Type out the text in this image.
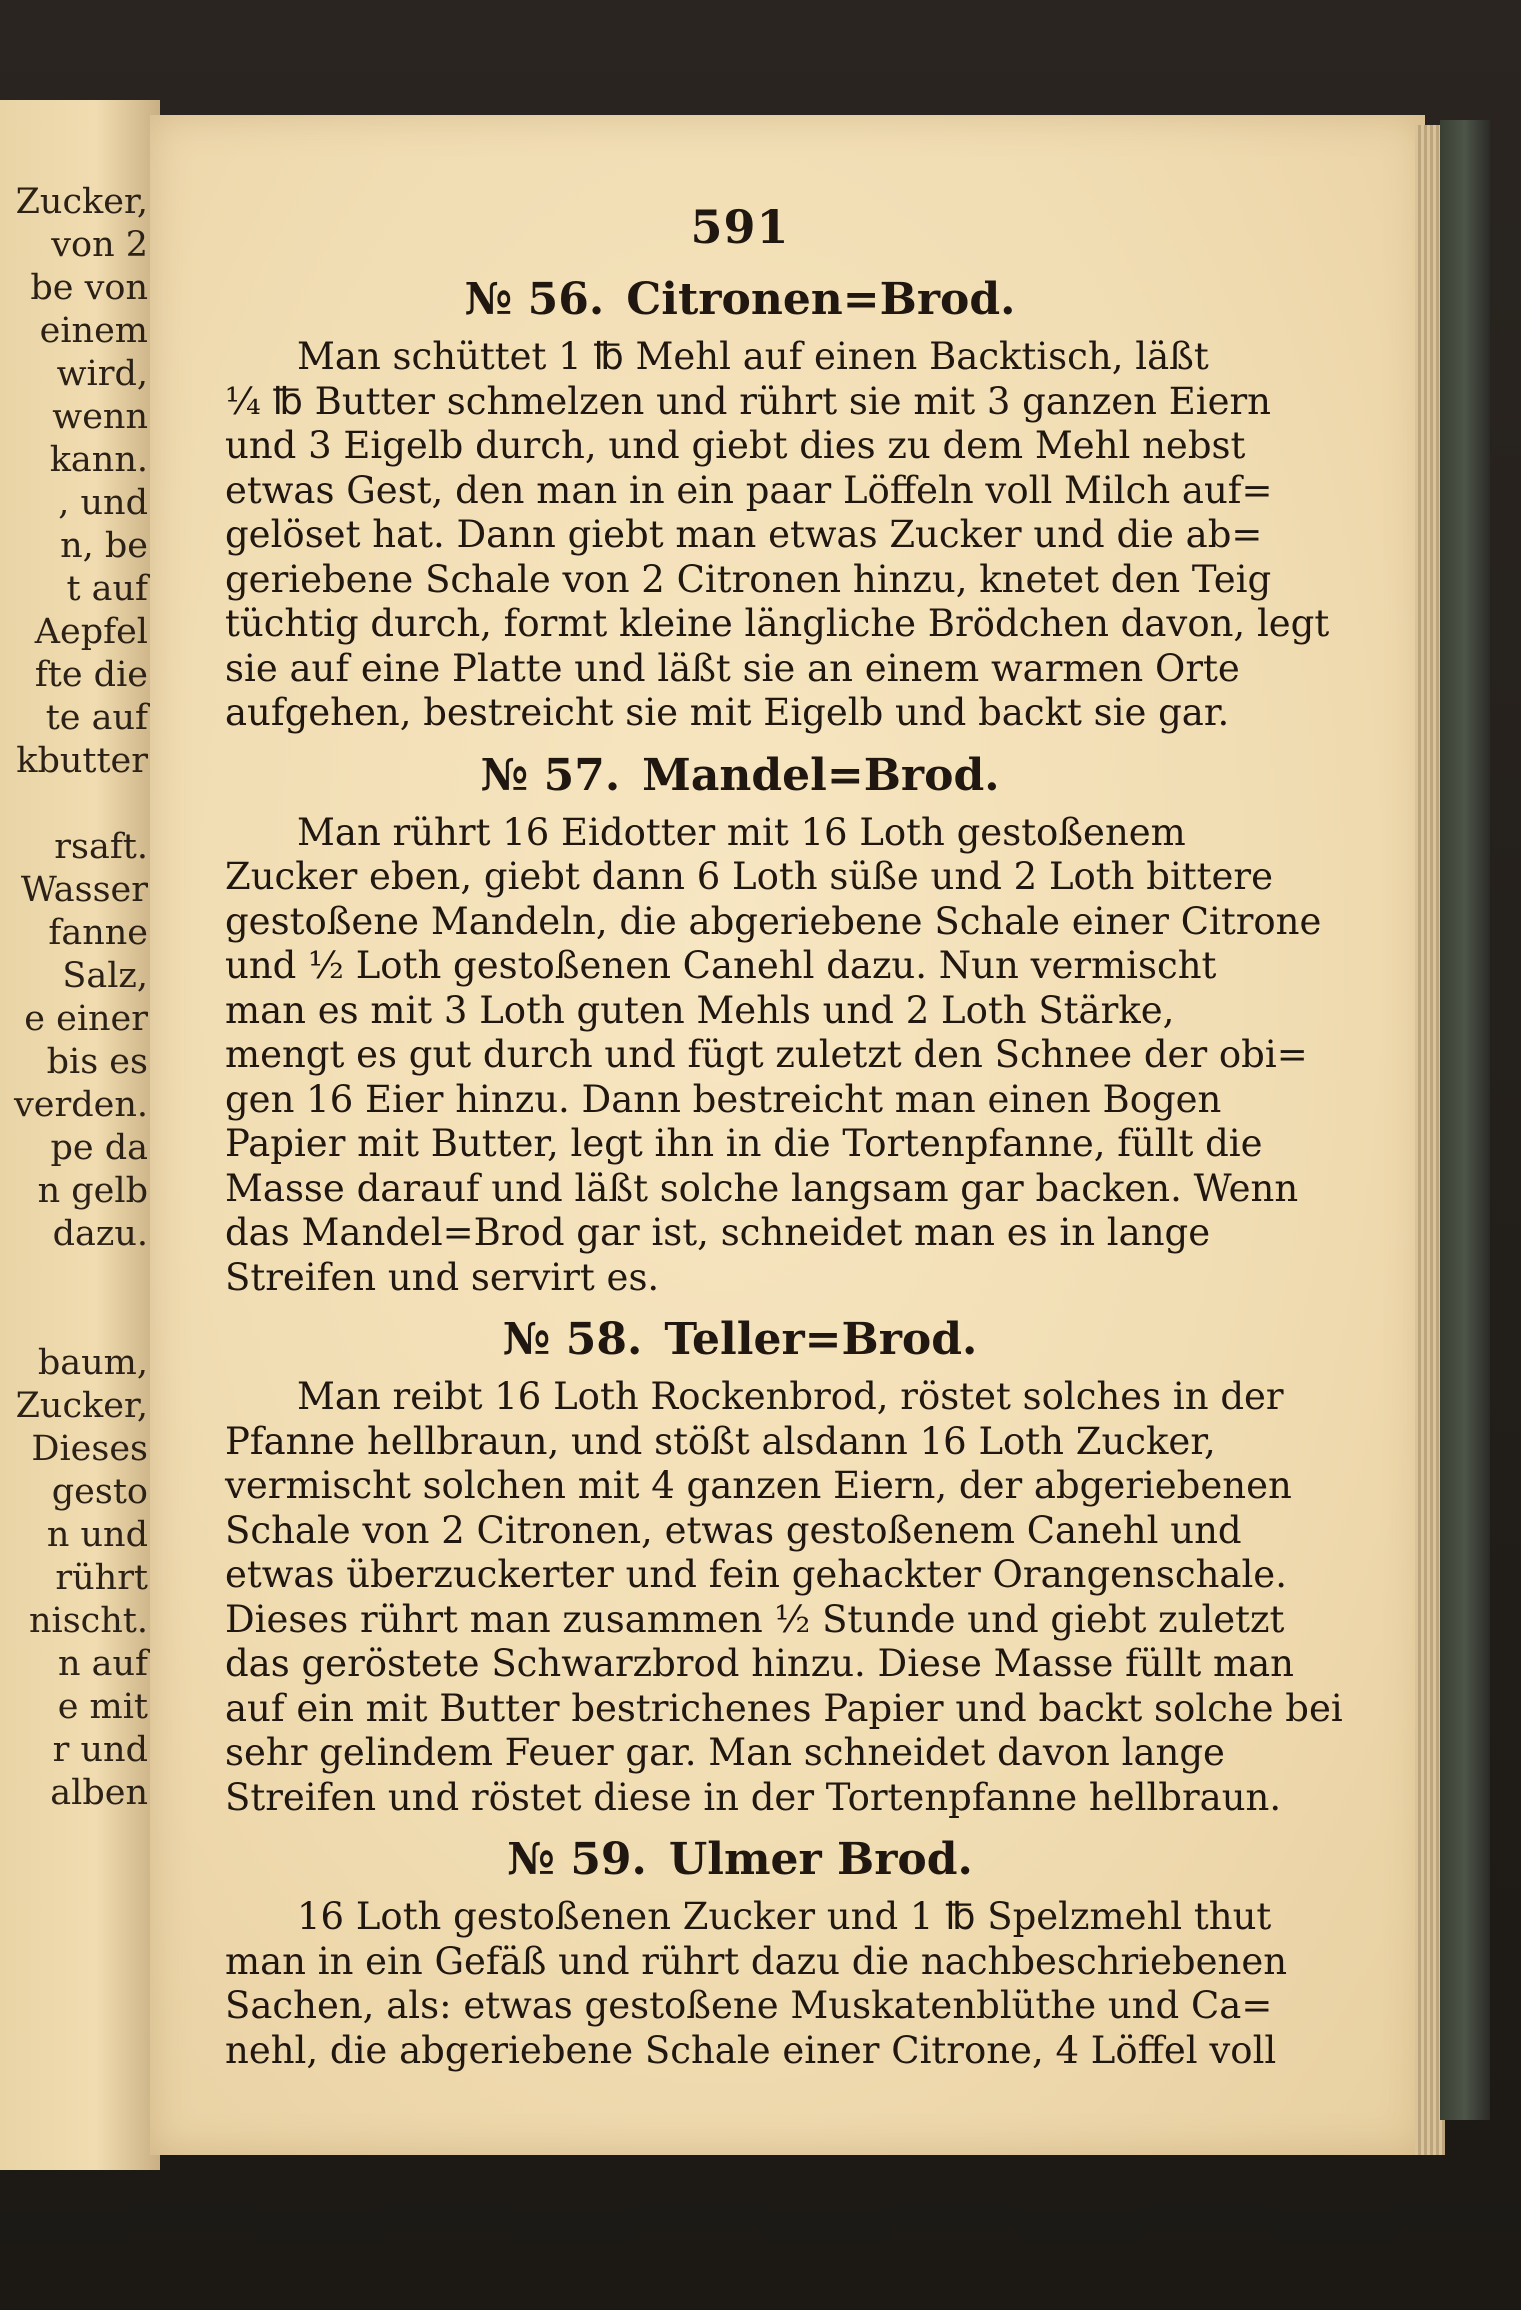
Zucker,
von 2
be von
einem
wird,
wenn
kann.
, und
n, be
t auf
Aepfel
fte die
te auf
kbutter
rsaft.
Wasser
fanne
Salz,
e einer
bis es
verden.
pe da
n gelb
dazu.
baum,
Zucker,
Dieses
gesto
n und
rührt
nischt.
n auf
e mit
r und
alben
591
№ 56. Citronen=Brod.

Man schüttet 1 ℔ Mehl auf einen Backtisch, läßt
¼ ℔ Butter schmelzen und rührt sie mit 3 ganzen Eiern
und 3 Eigelb durch, und giebt dies zu dem Mehl nebst
etwas Gest, den man in ein paar Löffeln voll Milch auf=
gelöset hat. Dann giebt man etwas Zucker und die ab=
geriebene Schale von 2 Citronen hinzu, knetet den Teig
tüchtig durch, formt kleine längliche Brödchen davon, legt
sie auf eine Platte und läßt sie an einem warmen Orte
aufgehen, bestreicht sie mit Eigelb und backt sie gar.

№ 57. Mandel=Brod.

Man rührt 16 Eidotter mit 16 Loth gestoßenem
Zucker eben, giebt dann 6 Loth süße und 2 Loth bittere
gestoßene Mandeln, die abgeriebene Schale einer Citrone
und ½ Loth gestoßenen Canehl dazu. Nun vermischt
man es mit 3 Loth guten Mehls und 2 Loth Stärke,
mengt es gut durch und fügt zuletzt den Schnee der obi=
gen 16 Eier hinzu. Dann bestreicht man einen Bogen
Papier mit Butter, legt ihn in die Tortenpfanne, füllt die
Masse darauf und läßt solche langsam gar backen. Wenn
das Mandel=Brod gar ist, schneidet man es in lange
Streifen und servirt es.

№ 58. Teller=Brod.

Man reibt 16 Loth Rockenbrod, röstet solches in der
Pfanne hellbraun, und stößt alsdann 16 Loth Zucker,
vermischt solchen mit 4 ganzen Eiern, der abgeriebenen
Schale von 2 Citronen, etwas gestoßenem Canehl und
etwas überzuckerter und fein gehackter Orangenschale.
Dieses rührt man zusammen ½ Stunde und giebt zuletzt
das geröstete Schwarzbrod hinzu. Diese Masse füllt man
auf ein mit Butter bestrichenes Papier und backt solche bei
sehr gelindem Feuer gar. Man schneidet davon lange
Streifen und röstet diese in der Tortenpfanne hellbraun.

№ 59. Ulmer Brod.

16 Loth gestoßenen Zucker und 1 ℔ Spelzmehl thut
man in ein Gefäß und rührt dazu die nachbeschriebenen
Sachen, als: etwas gestoßene Muskatenblüthe und Ca=
nehl, die abgeriebene Schale einer Citrone, 4 Löffel voll
